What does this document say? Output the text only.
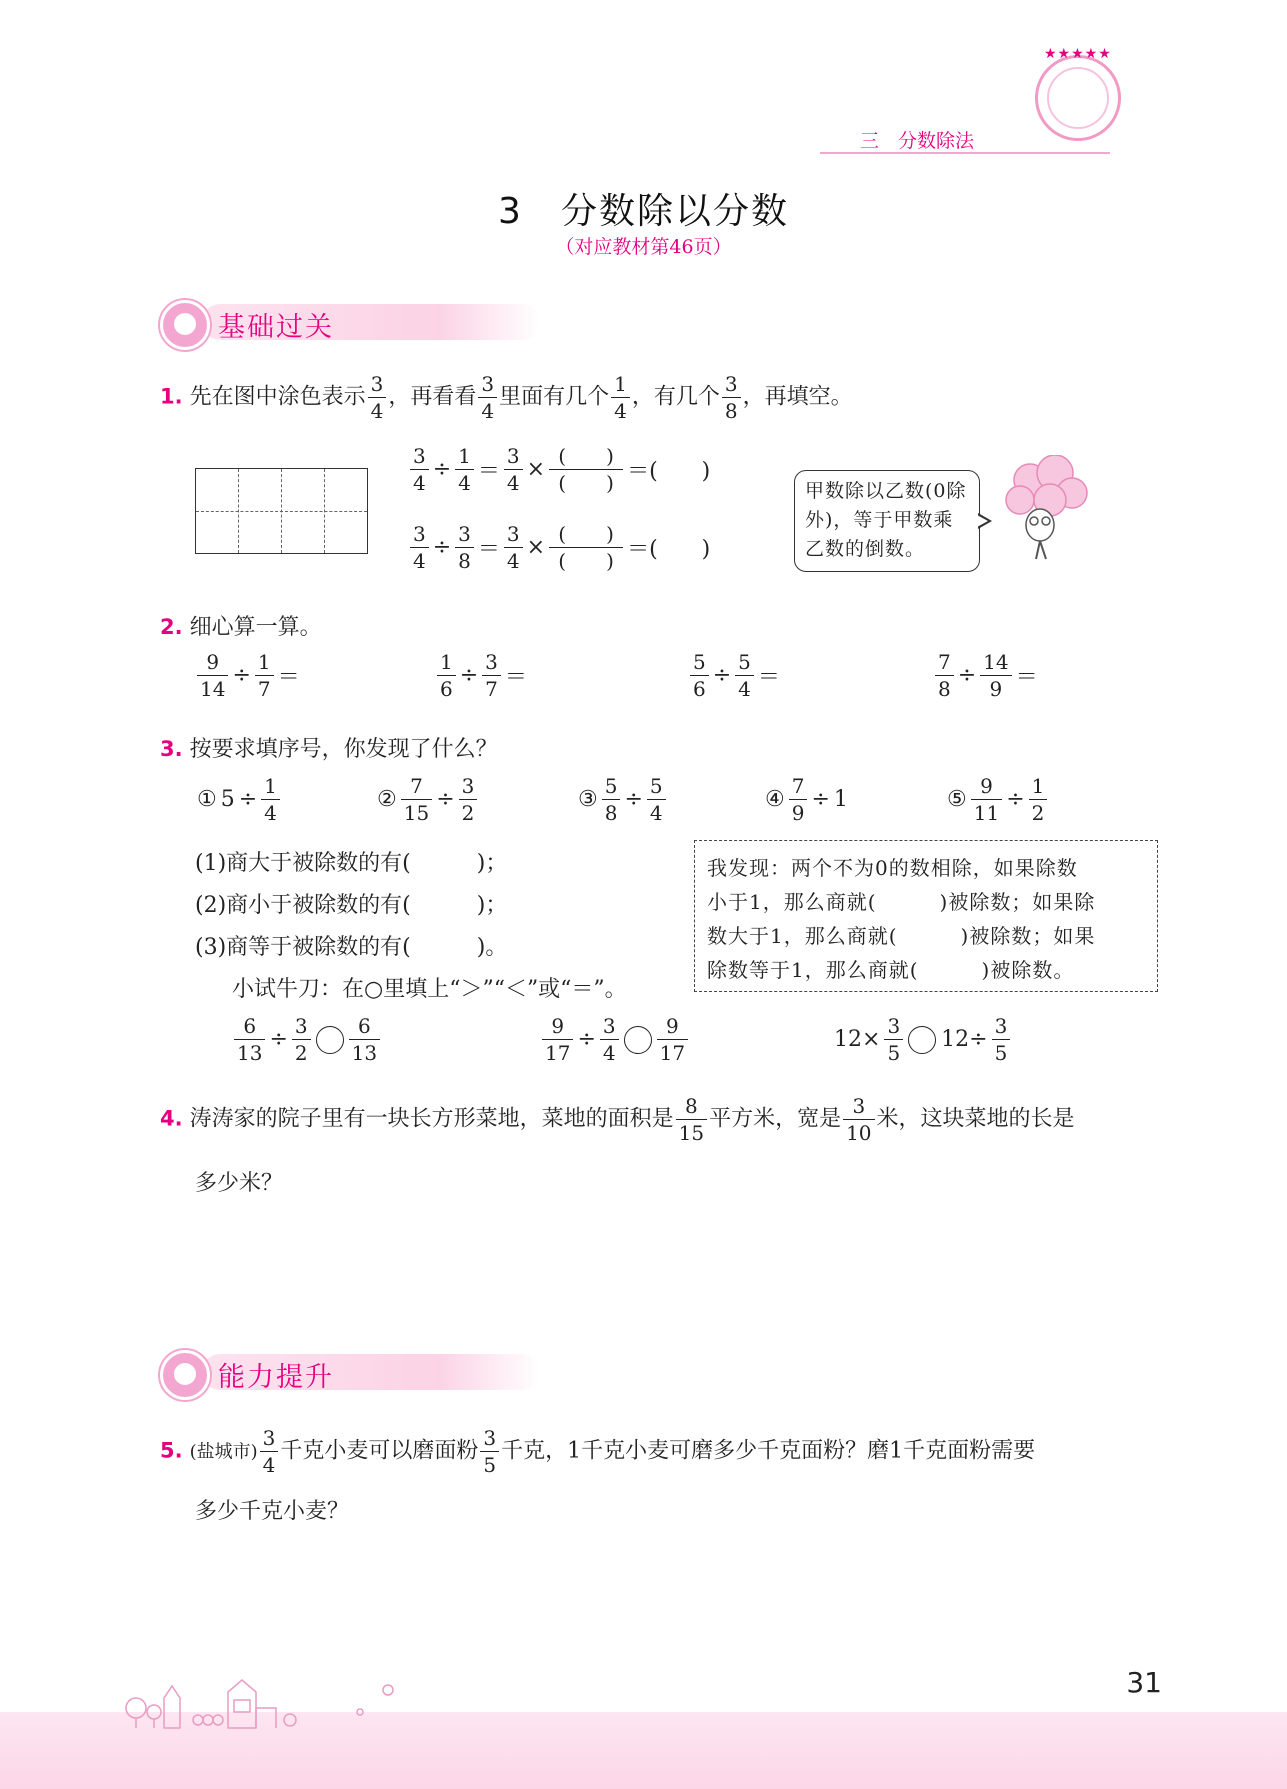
三　分数除法
★★★★★
3　分数除以分数
（对应教材第46页）
基础过关
1. 先在图中涂色表示 $\frac{3}{4}$ ，再看看 $\frac{3}{4}$ 里面有几个 $\frac{1}{4}$ ，有几个 $\frac{3}{8}$ ，再填空。
$\frac{3}{4} \div \frac{1}{4} = \frac{3}{4} \times \frac{( )}{( )}$ ＝(　　)
$\frac{3}{4} \div \frac{3}{8} = \frac{3}{4} \times \frac{( )}{( )}$ ＝(　　)
甲数除以乙数(0除外)，等于甲数乘乙数的倒数。
2. 细心算一算。
$\frac{9}{14} \div \frac{1}{7}$ ＝	$\frac{1}{6} \div \frac{3}{7}$ ＝	$\frac{5}{6} \div \frac{5}{4}$ ＝	$\frac{7}{8} \div \frac{14}{9}$ ＝
3. 按要求填序号，你发现了什么？
① $5 \div \frac{1}{4}$	② $\frac{7}{15} \div \frac{3}{2}$	③ $\frac{5}{8} \div \frac{5}{4}$	④ $\frac{7}{9} \div 1$	⑤ $\frac{9}{11} \div \frac{1}{2}$
(1)商大于被除数的有(　　　)；
(2)商小于被除数的有(　　　)；
(3)商等于被除数的有(　　　)。
小试牛刀：在○里填上“＞”“＜”或“＝”。
我发现：两个不为0的数相除，如果除数
小于1，那么商就(　　　)被除数；如果除
数大于1，那么商就(　　　)被除数；如果
除数等于1，那么商就(　　　)被除数。
$\frac{6}{13} \div \frac{3}{2} \frac{6}{13}$	$\frac{9}{17} \div \frac{3}{4} \frac{9}{17}$	$12\times \frac{3}{5} 12\div \frac{3}{5}$
4. 涛涛家的院子里有一块长方形菜地，菜地的面积是 $\frac{8}{15}$ 平方米，宽是 $\frac{3}{10}$ 米，这块菜地的长是
多少米？
能力提升
5. (盐城市) $\frac{3}{4}$ 千克小麦可以磨面粉 $\frac{3}{5}$ 千克，1千克小麦可磨多少千克面粉？磨1千克面粉需要
多少千克小麦？
31
